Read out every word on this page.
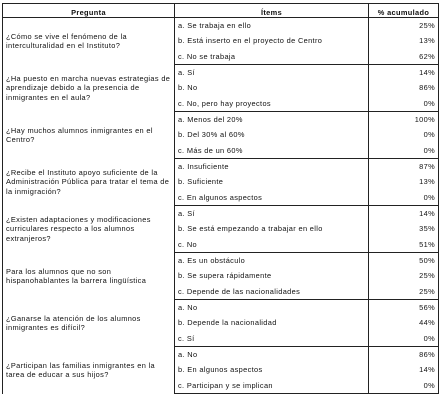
Pregunta	Ítems	% acumulado
¿Cómo se vive el fenómeno de la interculturalidad en el Instituto?	a. Se trabaja en ello	25%
	b. Está inserto en el proyecto de Centro	13%
	c. No se trabaja	62%
¿Ha puesto en marcha nuevas estrategias de aprendizaje debido a la presencia de inmigrantes en el aula?	a. Sí	14%
	b. No	86%
	c. No, pero hay proyectos	0%
¿Hay muchos alumnos inmigrantes en el Centro?	a. Menos del 20%	100%
	b. Del 30% al 60%	0%
	c. Más de un 60%	0%
¿Recibe el Instituto apoyo suficiente de la Administración Pública para tratar el tema de la inmigración?	a. Insuficiente	87%
	b. Suficiente	13%
	c. En algunos aspectos	0%
¿Existen adaptaciones y modificaciones curriculares respecto a los alumnos extranjeros?	a. Sí	14%
	b. Se está empezando a trabajar en ello	35%
	c. No	51%
Para los alumnos que no son hispanohablantes la barrera lingüística	a. Es un obstáculo	50%
	b. Se supera rápidamente	25%
	c. Depende de las nacionalidades	25%
¿Ganarse la atención de los alumnos inmigrantes es difícil?	a. No	56%
	b. Depende la nacionalidad	44%
	c. Sí	0%
¿Participan las familias inmigrantes en la tarea de educar a sus hijos?	a. No	86%
	b. En algunos aspectos	14%
	c. Participan y se implican	0%
